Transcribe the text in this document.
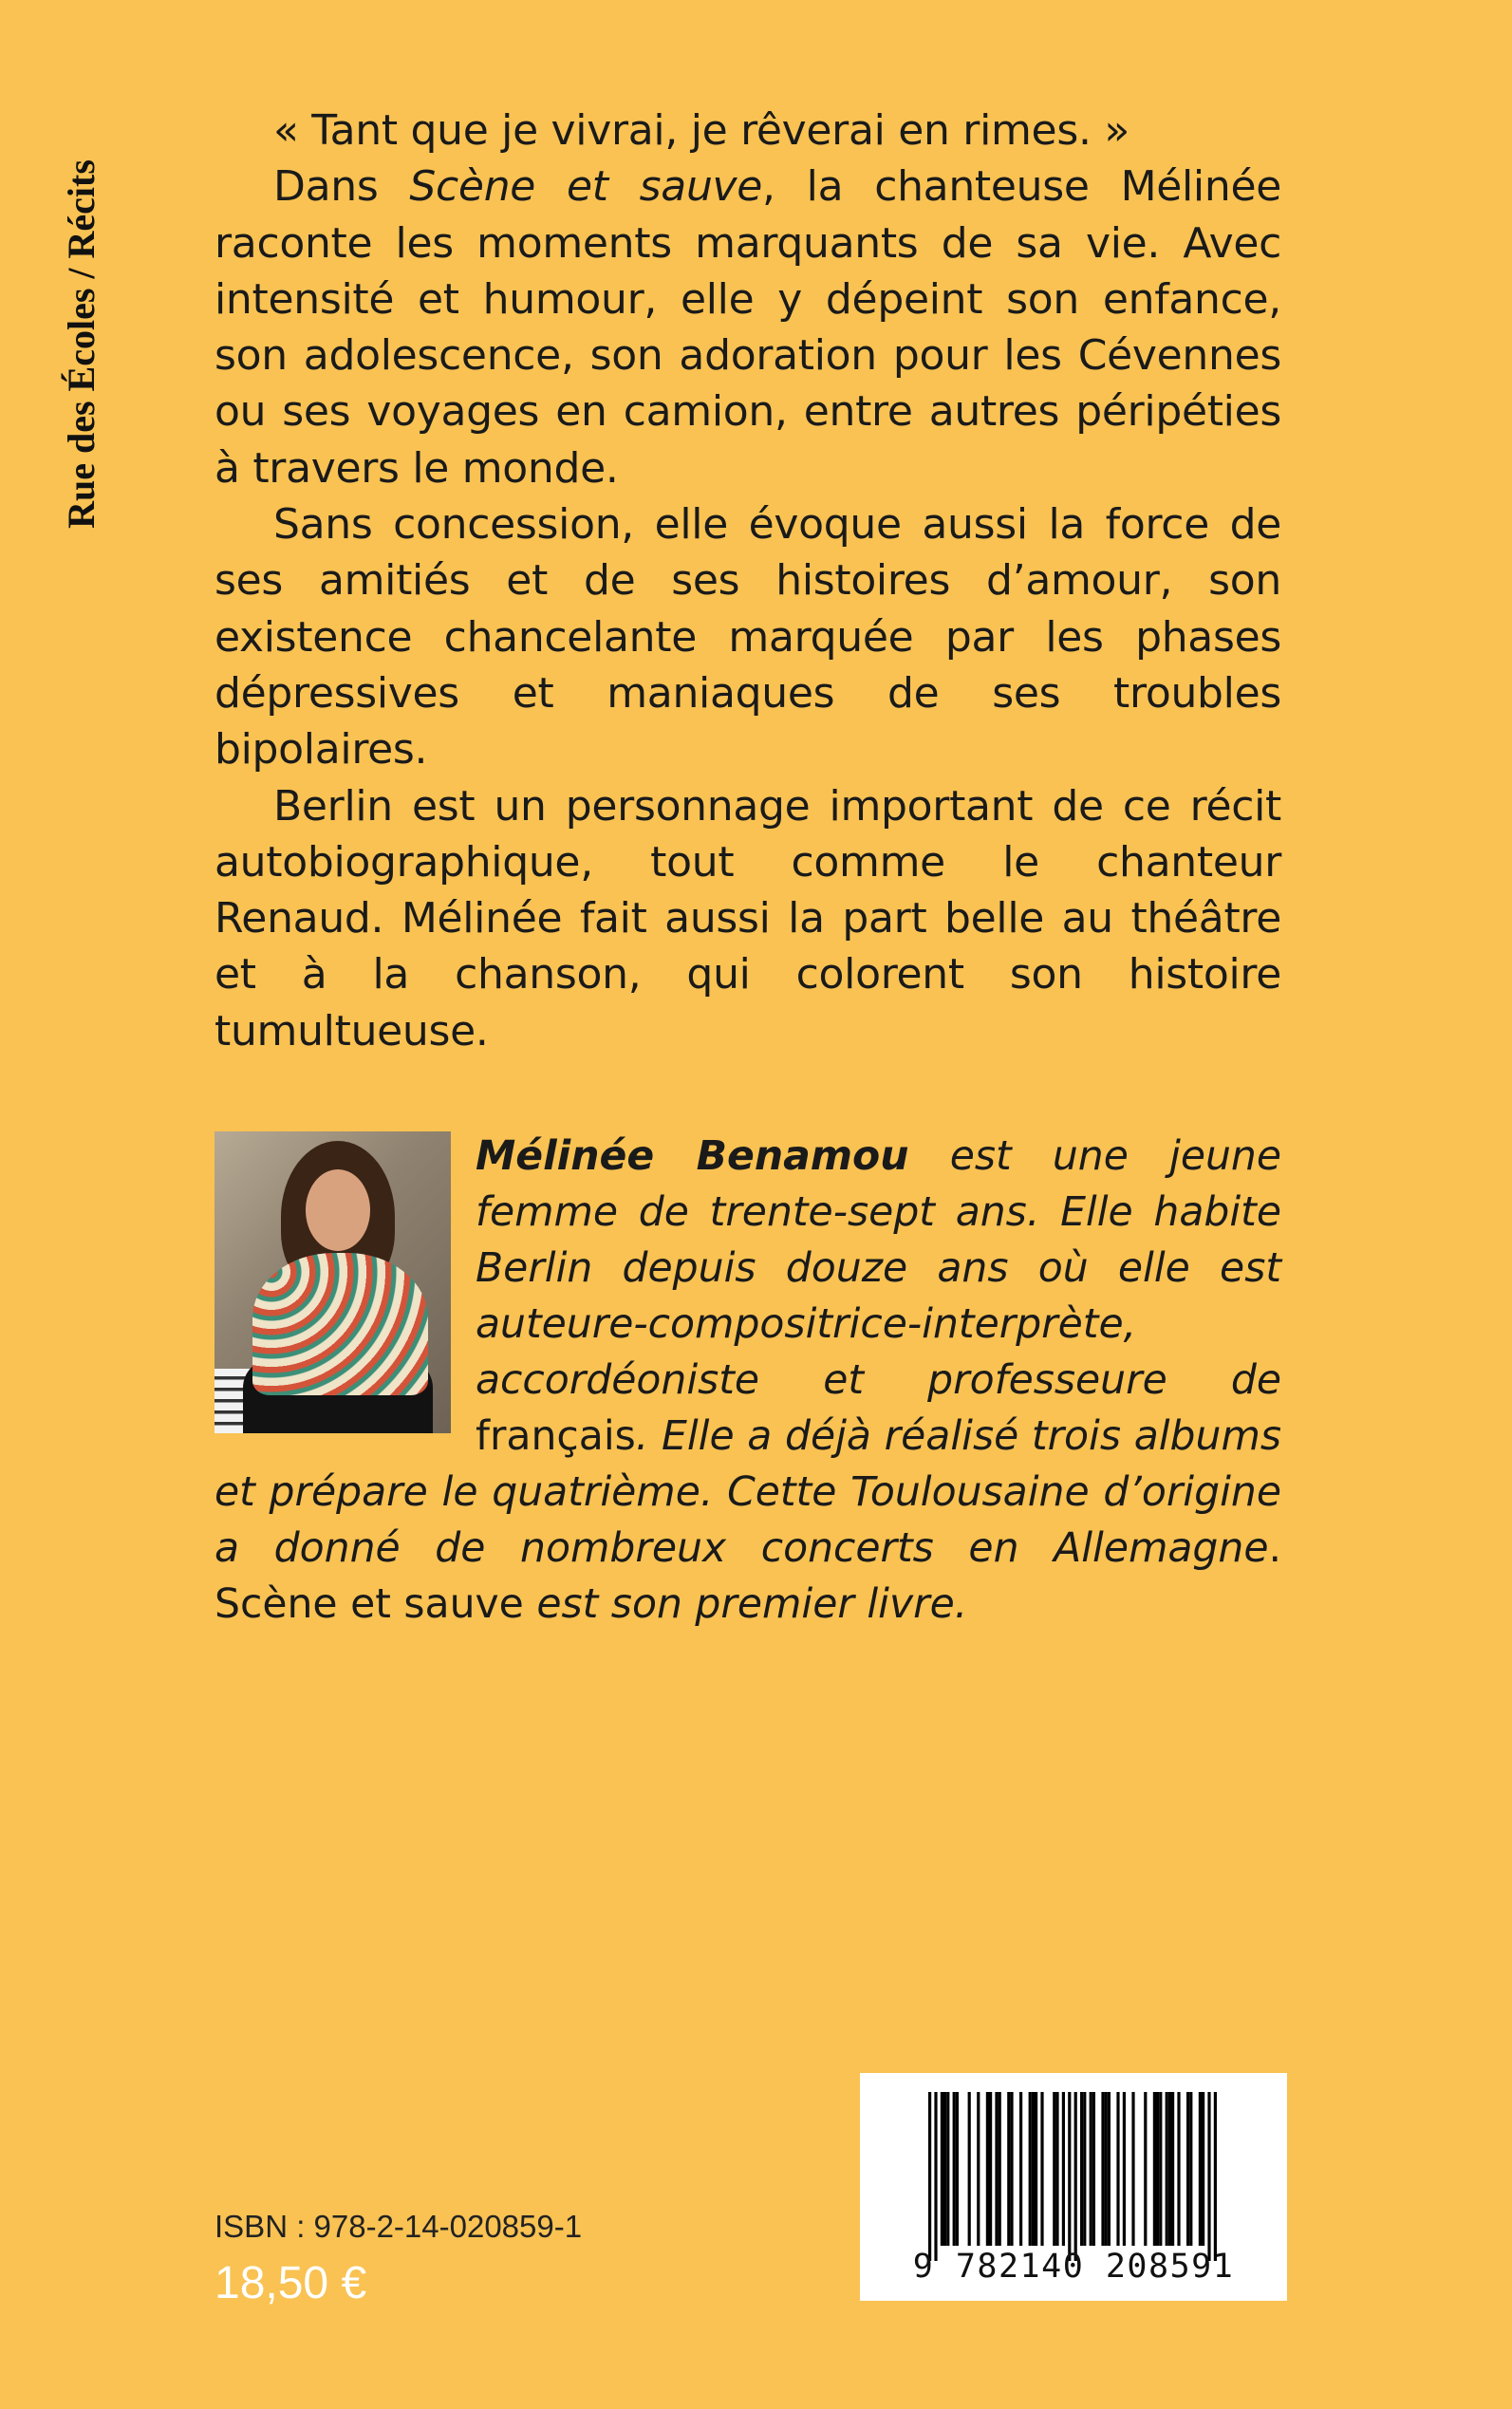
Rue des Écoles / Récits

« Tant que je vivrai, je rêverai en rimes. »

Dans Scène et sauve, la chanteuse Mélinée raconte les moments marquants de sa vie. Avec intensité et humour, elle y dépeint son enfance, son adolescence, son adoration pour les Cévennes ou ses voyages en camion, entre autres péripéties à travers le monde.

Sans concession, elle évoque aussi la force de ses amitiés et de ses histoires d’amour, son existence chancelante marquée par les phases dépressives et maniaques de ses troubles bipolaires.

Berlin est un personnage important de ce récit autobiographique, tout comme le chanteur Renaud. Mélinée fait aussi la part belle au théâtre et à la chanson, qui colorent son histoire tumultueuse.

Mélinée Benamou est une jeune femme de trente-sept ans. Elle habite Berlin depuis douze ans où elle est auteure-compositrice-interprète, accordéoniste et professeure de français. Elle a déjà réalisé trois albums et prépare le quatrième. Cette Toulousaine d’origine a donné de nombreux concerts en Allemagne. Scène et sauve est son premier livre.

ISBN : 978-2-14-020859-1
18,50 €	9 782140 208591
